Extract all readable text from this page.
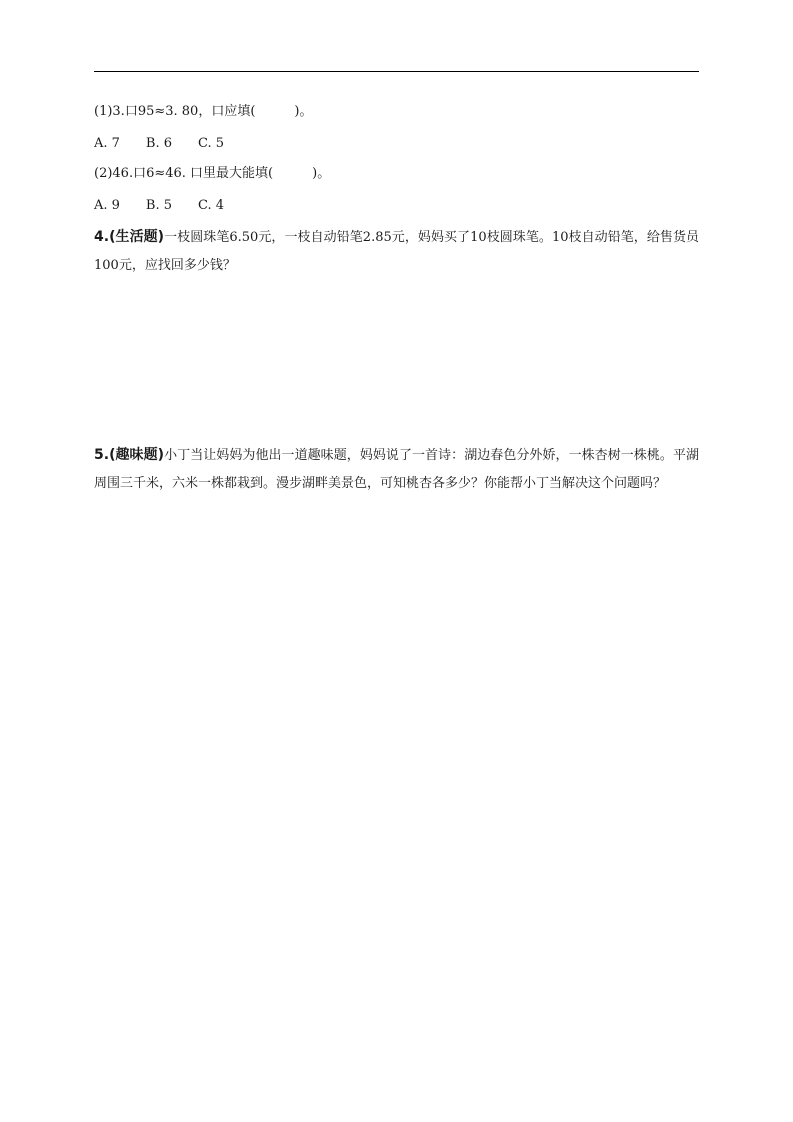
(1)3.口95≈3. 80，口应填(　　　)。
A. 7　　B. 6　　C. 5
(2)46.口6≈46. 口里最大能填(　　　)。
A. 9　　B. 5　　C. 4
4.(生活题)一枝圆珠笔6.50元，一枝自动铅笔2.85元，妈妈买了10枝圆珠笔。10枝自动铅笔，给售货员100元，应找回多少钱？
5.(趣味题)小丁当让妈妈为他出一道趣味题，妈妈说了一首诗：湖边春色分外娇，一株杏树一株桃。平湖周围三千米，六米一株都栽到。漫步湖畔美景色，可知桃杏各多少？你能帮小丁当解决这个问题吗？
